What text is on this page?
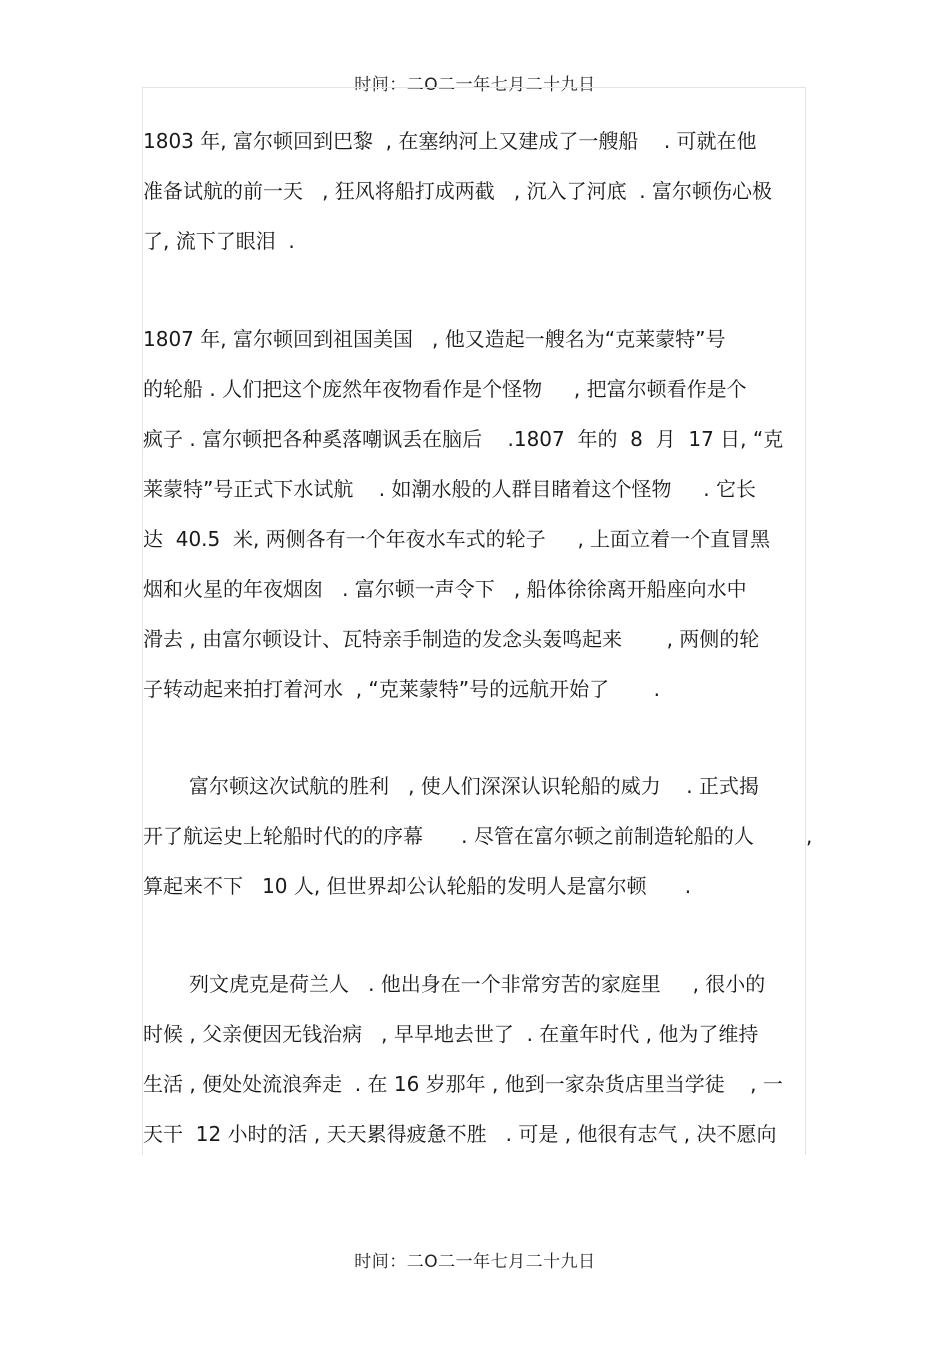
时间：二O二一年七月二十九日
1803 年, 富尔顿回到巴黎  , 在塞纳河上又建成了一艘船    . 可就在他
准备试航的前一天   , 狂风将船打成两截   , 沉入了河底  . 富尔顿伤心极
了, 流下了眼泪  .
1807 年, 富尔顿回到祖国美国   , 他又造起一艘名为“克莱蒙特”号
的轮船 . 人们把这个庞然年夜物看作是个怪物     , 把富尔顿看作是个
疯子 . 富尔顿把各种奚落嘲讽丢在脑后    .1807  年的  8  月  17 日, “克
莱蒙特”号正式下水试航    . 如潮水般的人群目睹着这个怪物     . 它长
达  40.5  米, 两侧各有一个年夜水车式的轮子     , 上面立着一个直冒黑
烟和火星的年夜烟囱   . 富尔顿一声令下   , 船体徐徐离开船座向水中
滑去 , 由富尔顿设计、瓦特亲手制造的发念头轰鸣起来       , 两侧的轮
子转动起来拍打着河水  , “克莱蒙特”号的远航开始了       .
富尔顿这次试航的胜利   , 使人们深深认识轮船的威力    . 正式揭
开了航运史上轮船时代的的序幕      . 尽管在富尔顿之前制造轮船的人	,
算起来不下   10 人, 但世界却公认轮船的发明人是富尔顿      .
列文虎克是荷兰人   . 他出身在一个非常穷苦的家庭里     , 很小的
时候 , 父亲便因无钱治病   , 早早地去世了  . 在童年时代 , 他为了维持
生活 , 便处处流浪奔走  . 在 16 岁那年 , 他到一家杂货店里当学徒    , 一
天干  12 小时的活 , 天天累得疲惫不胜   . 可是 , 他很有志气 , 决不愿向
时间：二O二一年七月二十九日
